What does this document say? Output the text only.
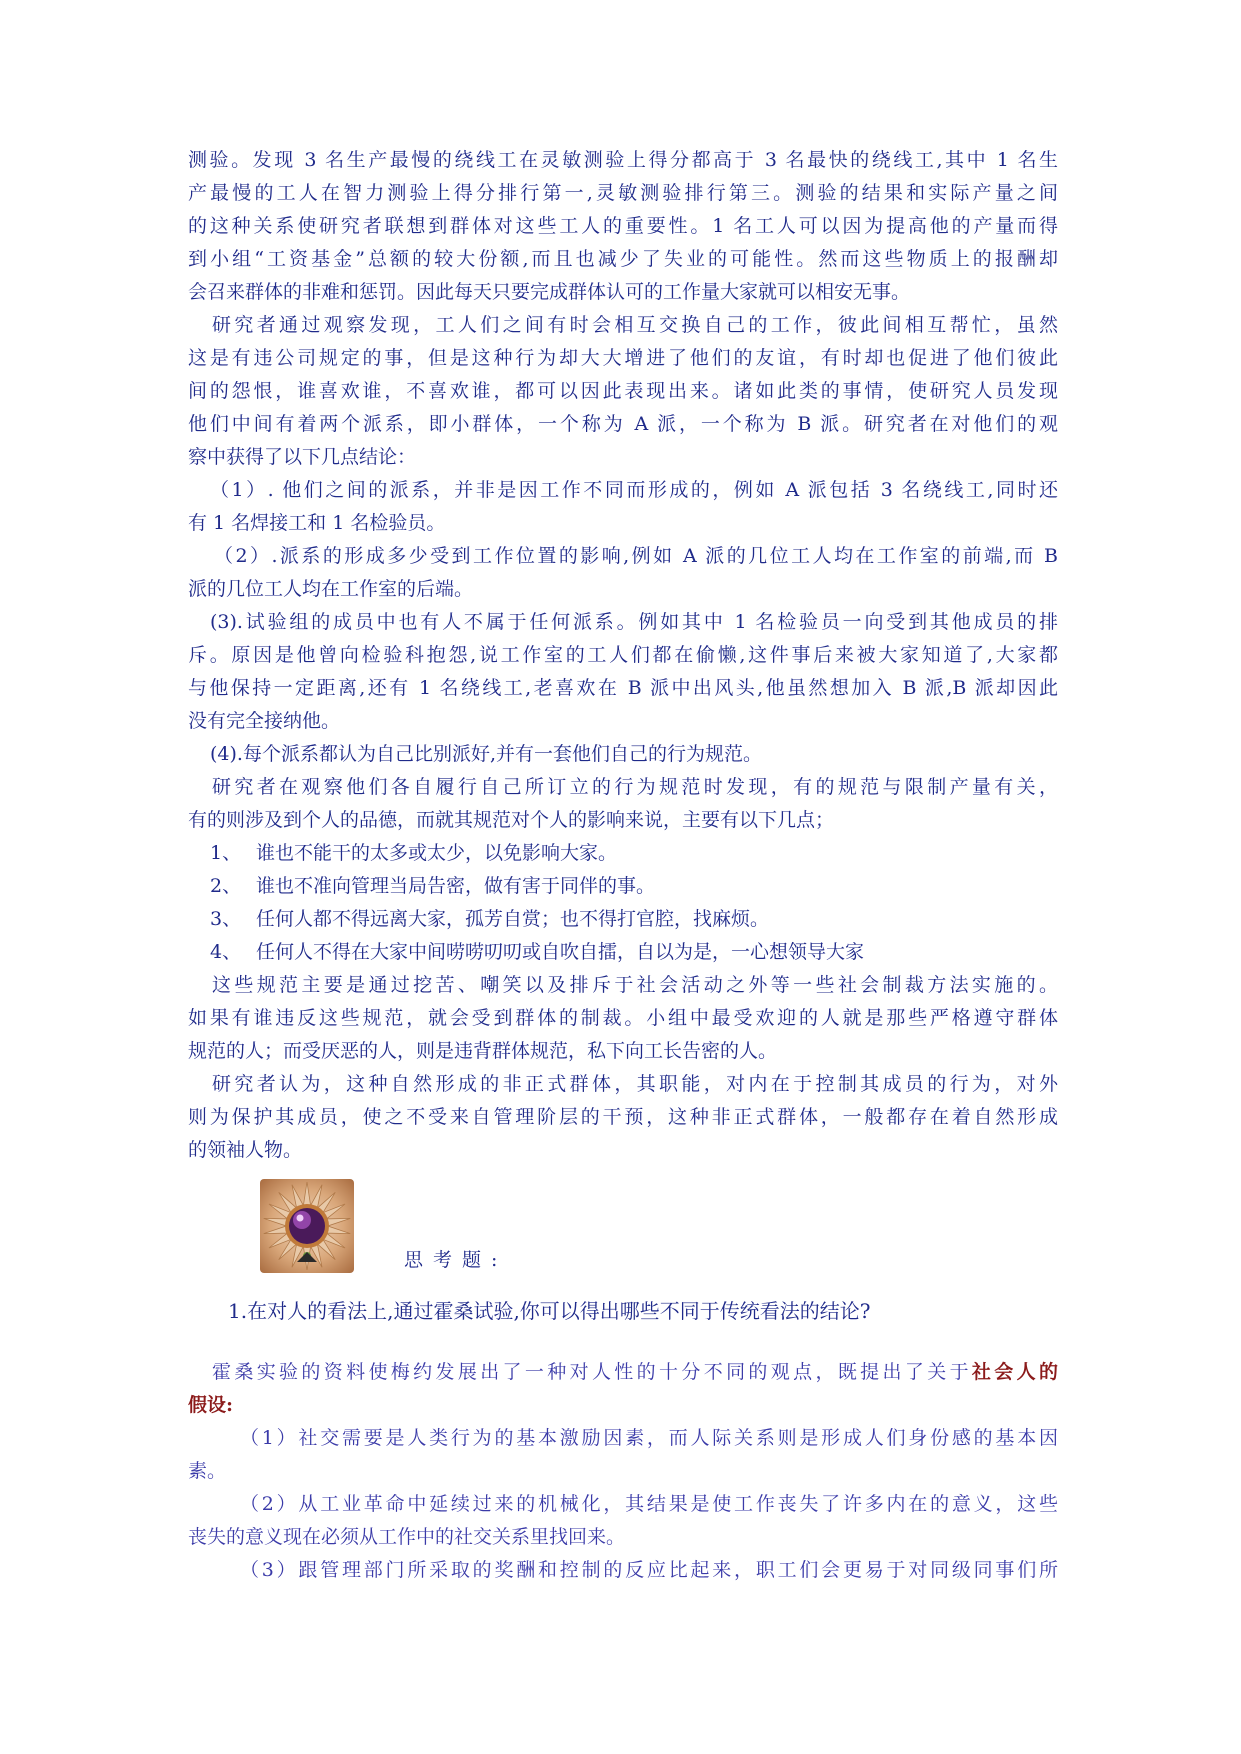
测验。发现 3 名生产最慢的绕线工在灵敏测验上得分都高于 3 名最快的绕线工,其中 1 名生
产最慢的工人在智力测验上得分排行第一,灵敏测验排行第三。测验的结果和实际产量之间
的这种关系使研究者联想到群体对这些工人的重要性。1 名工人可以因为提高他的产量而得
到小组“工资基金”总额的较大份额,而且也减少了失业的可能性。然而这些物质上的报酬却
会召来群体的非难和惩罚。因此每天只要完成群体认可的工作量大家就可以相安无事。
研究者通过观察发现，工人们之间有时会相互交换自己的工作，彼此间相互帮忙，虽然
这是有违公司规定的事，但是这种行为却大大增进了他们的友谊，有时却也促进了他们彼此
间的怨恨，谁喜欢谁，不喜欢谁，都可以因此表现出来。诸如此类的事情，使研究人员发现
他们中间有着两个派系，即小群体，一个称为 A 派，一个称为 B 派。研究者在对他们的观
察中获得了以下几点结论：
（1）. 他们之间的派系，并非是因工作不同而形成的，例如 A 派包括 3 名绕线工,同时还
有 1 名焊接工和 1 名检验员。
（2）.派系的形成多少受到工作位置的影响,例如 A 派的几位工人均在工作室的前端,而 B
派的几位工人均在工作室的后端。
(3).试验组的成员中也有人不属于任何派系。例如其中 1 名检验员一向受到其他成员的排
斥。原因是他曾向检验科抱怨,说工作室的工人们都在偷懒,这件事后来被大家知道了,大家都
与他保持一定距离,还有 1 名绕线工,老喜欢在 B 派中出风头,他虽然想加入 B 派,B 派却因此
没有完全接纳他。
(4).每个派系都认为自己比别派好,并有一套他们自己的行为规范。
研究者在观察他们各自履行自己所订立的行为规范时发现，有的规范与限制产量有关，
有的则涉及到个人的品德，而就其规范对个人的影响来说，主要有以下几点；
1、 谁也不能干的太多或太少，以免影响大家。
2、 谁也不准向管理当局告密，做有害于同伴的事。
3、 任何人都不得远离大家，孤芳自赏；也不得打官腔，找麻烦。
4、 任何人不得在大家中间唠唠叨叨或自吹自擂，自以为是，一心想领导大家
这些规范主要是通过挖苦、嘲笑以及排斥于社会活动之外等一些社会制裁方法实施的。
如果有谁违反这些规范，就会受到群体的制裁。小组中最受欢迎的人就是那些严格遵守群体
规范的人；而受厌恶的人，则是违背群体规范，私下向工长告密的人。
研究者认为，这种自然形成的非正式群体，其职能，对内在于控制其成员的行为，对外
则为保护其成员，使之不受来自管理阶层的干预，这种非正式群体，一般都存在着自然形成
的领袖人物。
思考题:
1.在对人的看法上,通过霍桑试验,你可以得出哪些不同于传统看法的结论?
霍桑实验的资料使梅约发展出了一种对人性的十分不同的观点，既提出了关于社会人的
假设:
（1）社交需要是人类行为的基本激励因素，而人际关系则是形成人们身份感的基本因
素。
（2）从工业革命中延续过来的机械化，其结果是使工作丧失了许多内在的意义，这些
丧失的意义现在必须从工作中的社交关系里找回来。
（3）跟管理部门所采取的奖酬和控制的反应比起来，职工们会更易于对同级同事们所
